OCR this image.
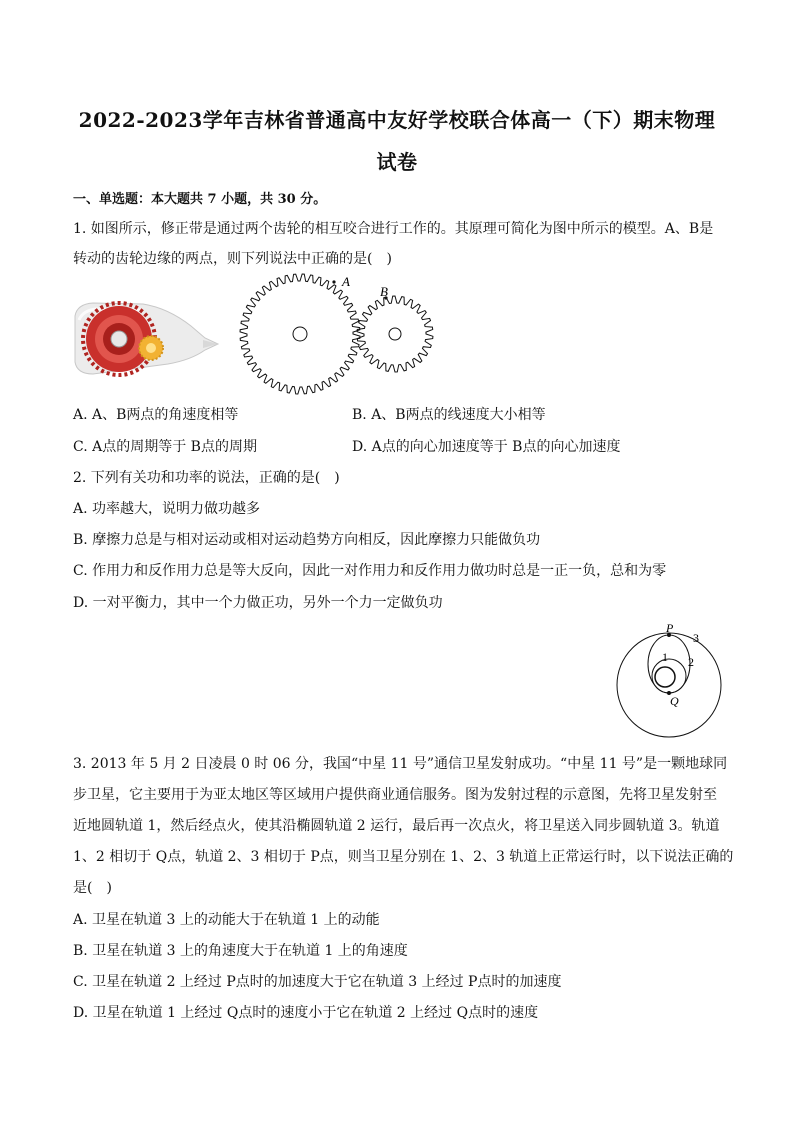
2022-2023学年吉林省普通高中友好学校联合体高一（下）期末物理
试卷
一、单选题：本大题共 7 小题，共 30 分。
1. 如图所示，修正带是通过两个齿轮的相互咬合进行工作的。其原理可简化为图中所示的模型。A、B是
转动的齿轮边缘的两点，则下列说法中正确的是(　)
A
B
A. A、B两点的角速度相等	B. A、B两点的线速度大小相等
C. A点的周期等于 B点的周期	D. A点的向心加速度等于 B点的向心加速度
2. 下列有关功和功率的说法，正确的是(　)
A. 功率越大，说明力做功越多
B. 摩擦力总是与相对运动或相对运动趋势方向相反，因此摩擦力只能做负功
C. 作用力和反作用力总是等大反向，因此一对作用力和反作用力做功时总是一正一负，总和为零
D. 一对平衡力，其中一个力做正功，另外一个力一定做负功
P
Q
1 2
3
3. 2013 年 5 月 2 日凌晨 0 时 06 分，我国“中星 11 号”通信卫星发射成功。“中星 11 号”是一颗地球同
步卫星，它主要用于为亚太地区等区域用户提供商业通信服务。图为发射过程的示意图，先将卫星发射至
近地圆轨道 1，然后经点火，使其沿椭圆轨道 2 运行，最后再一次点火，将卫星送入同步圆轨道 3。轨道
1、2 相切于 Q点，轨道 2、3 相切于 P点，则当卫星分别在 1、2、3 轨道上正常运行时，以下说法正确的
是(　)
A. 卫星在轨道 3 上的动能大于在轨道 1 上的动能
B. 卫星在轨道 3 上的角速度大于在轨道 1 上的角速度
C. 卫星在轨道 2 上经过 P点时的加速度大于它在轨道 3 上经过 P点时的加速度
D. 卫星在轨道 1 上经过 Q点时的速度小于它在轨道 2 上经过 Q点时的速度
